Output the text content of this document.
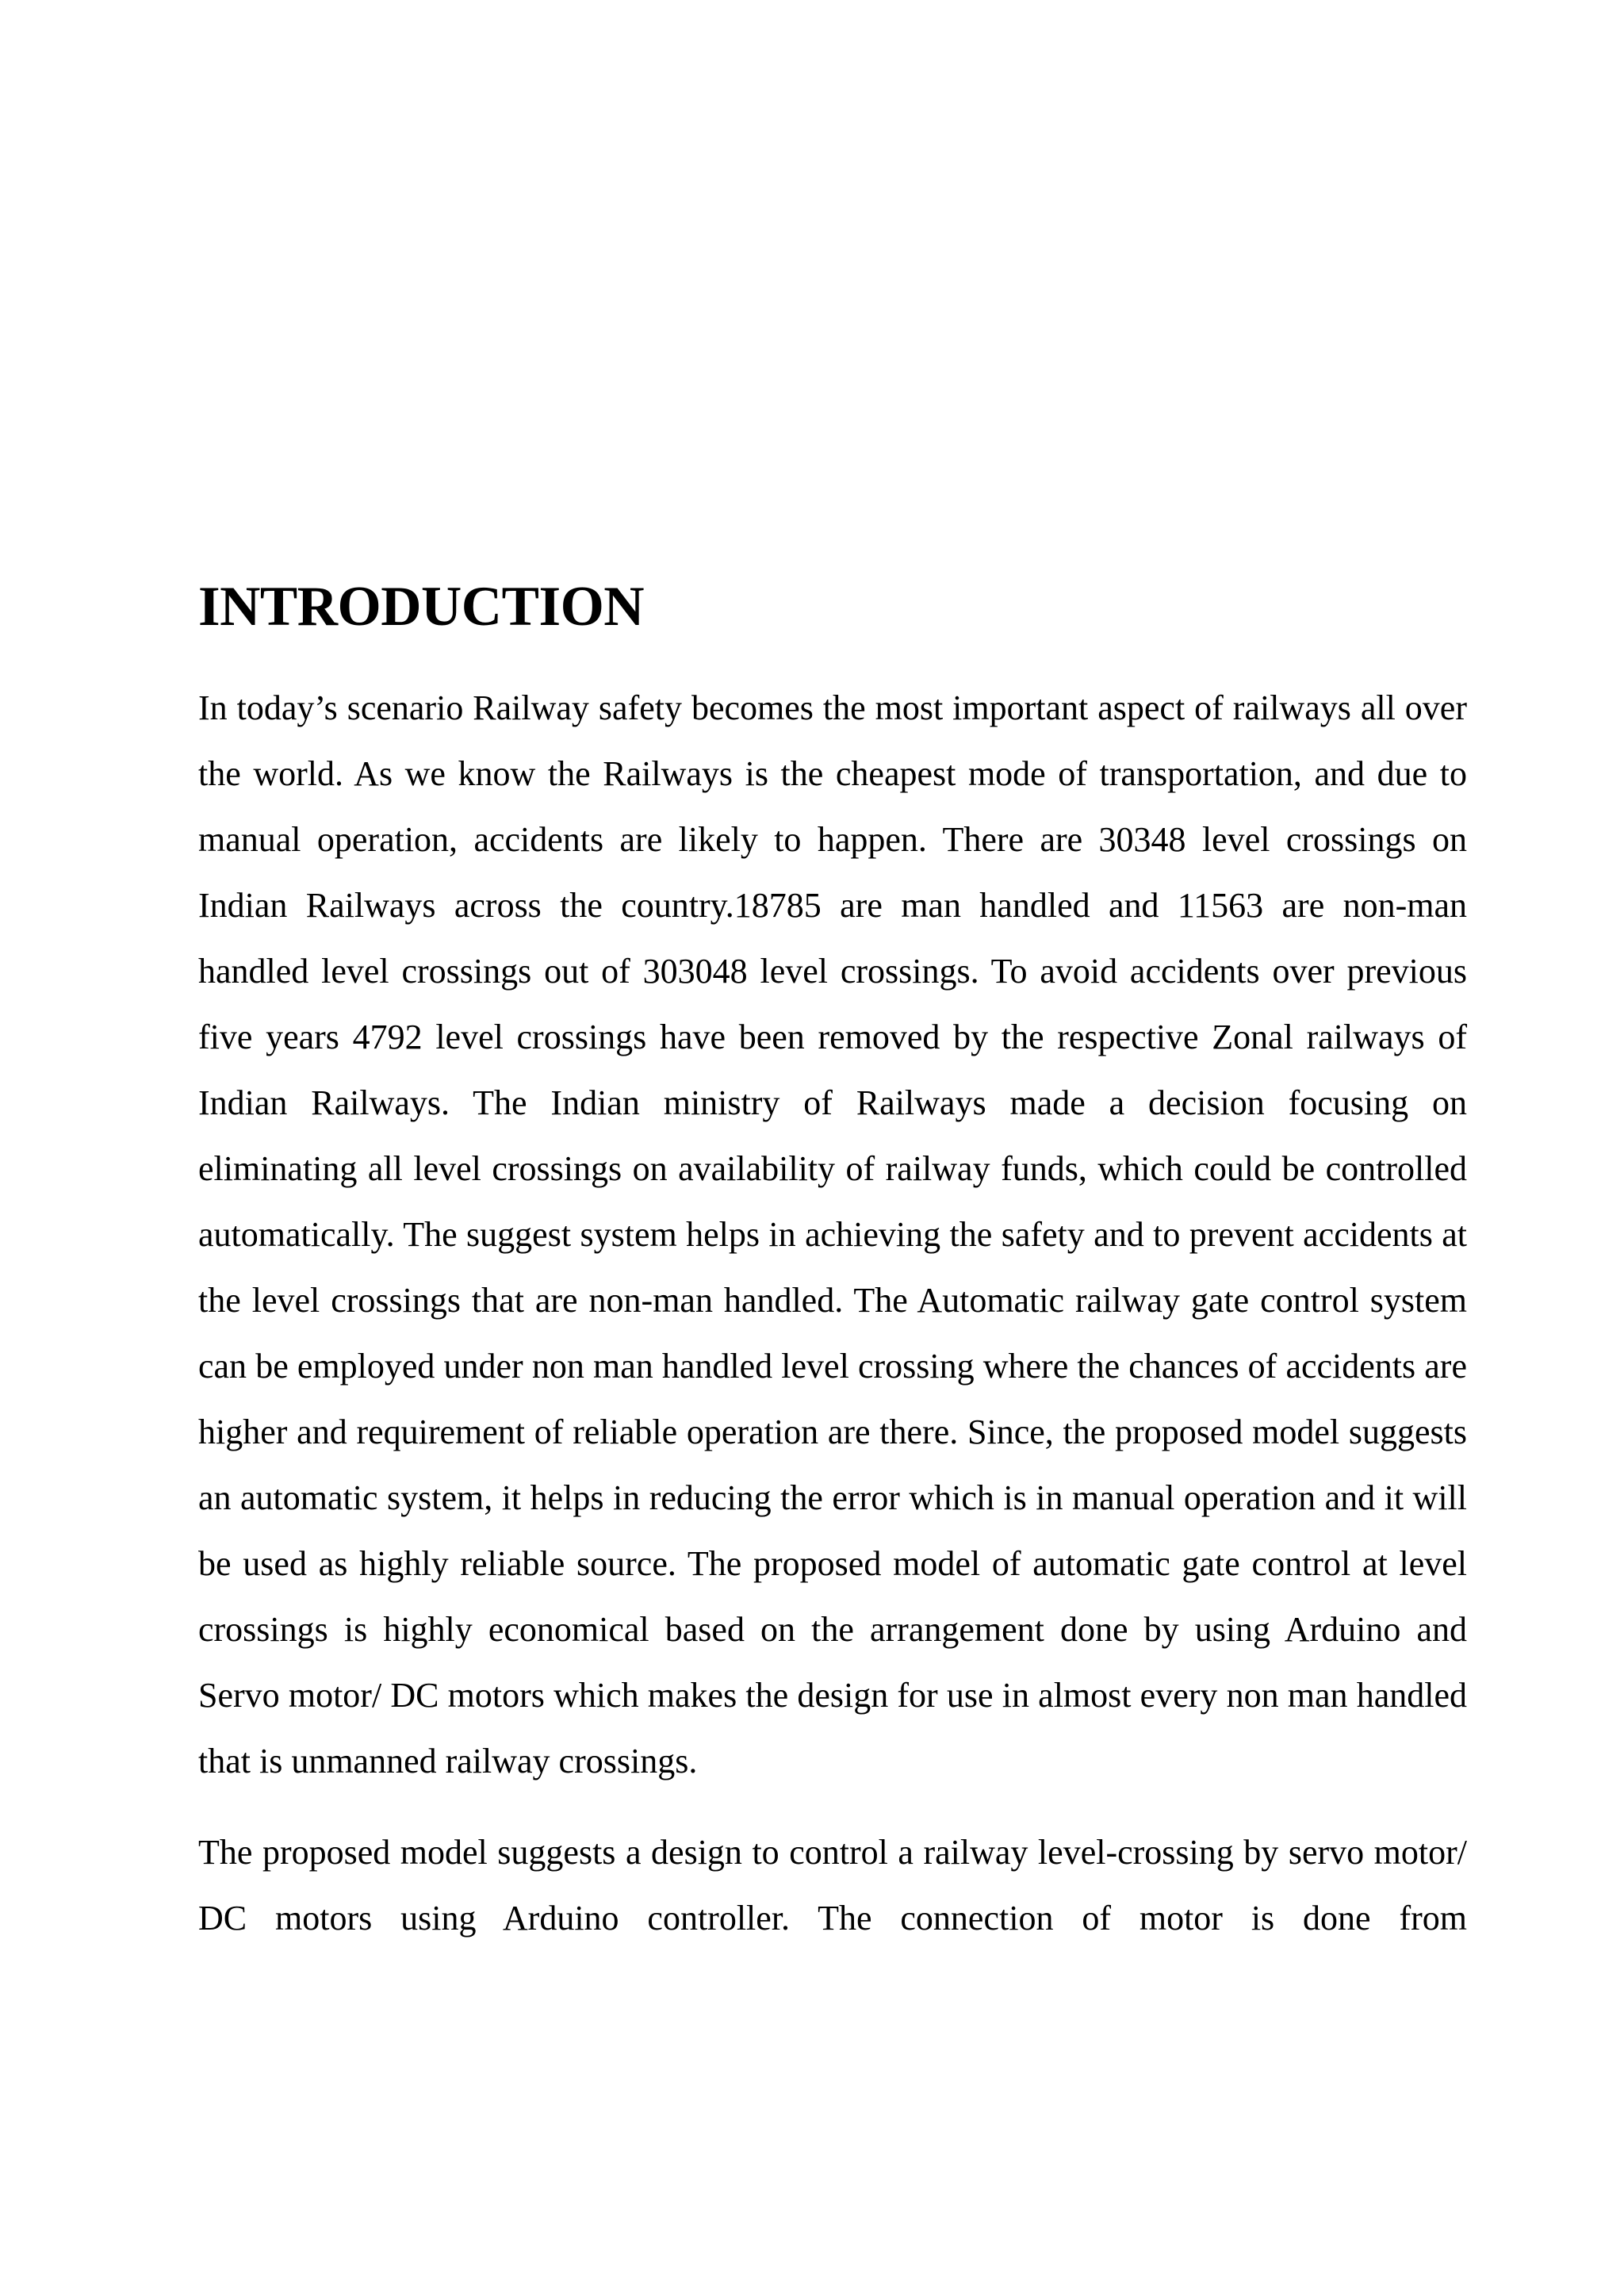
INTRODUCTION

In today’s scenario Railway safety becomes the most important aspect of railways all over the world. As we know the Railways is the cheapest mode of transportation, and due to manual operation, accidents are likely to happen. There are 30348 level crossings on Indian Railways across the country.18785 are man handled and 11563 are non-man handled level crossings out of 303048 level crossings. To avoid accidents over previous five years 4792 level crossings have been removed by the respective Zonal railways of Indian Railways. The Indian ministry of Railways made a decision focusing on eliminating all level crossings on availability of railway funds, which could be controlled automatically. The suggest system helps in achieving the safety and to prevent accidents at the level crossings that are non-man handled. The Automatic railway gate control system can be employed under non man handled level crossing where the chances of accidents are higher and requirement of reliable operation are there. Since, the proposed model suggests an automatic system, it helps in reducing the error which is in manual operation and it will be used as highly reliable source. The proposed model of automatic gate control at level crossings is highly economical based on the arrangement done by using Arduino and Servo motor/ DC motors which makes the design for use in almost every non man handled that is unmanned railway crossings.

The proposed model suggests a design to control a railway level-crossing by servo motor/ DC motors using Arduino controller. The connection of motor is done from
